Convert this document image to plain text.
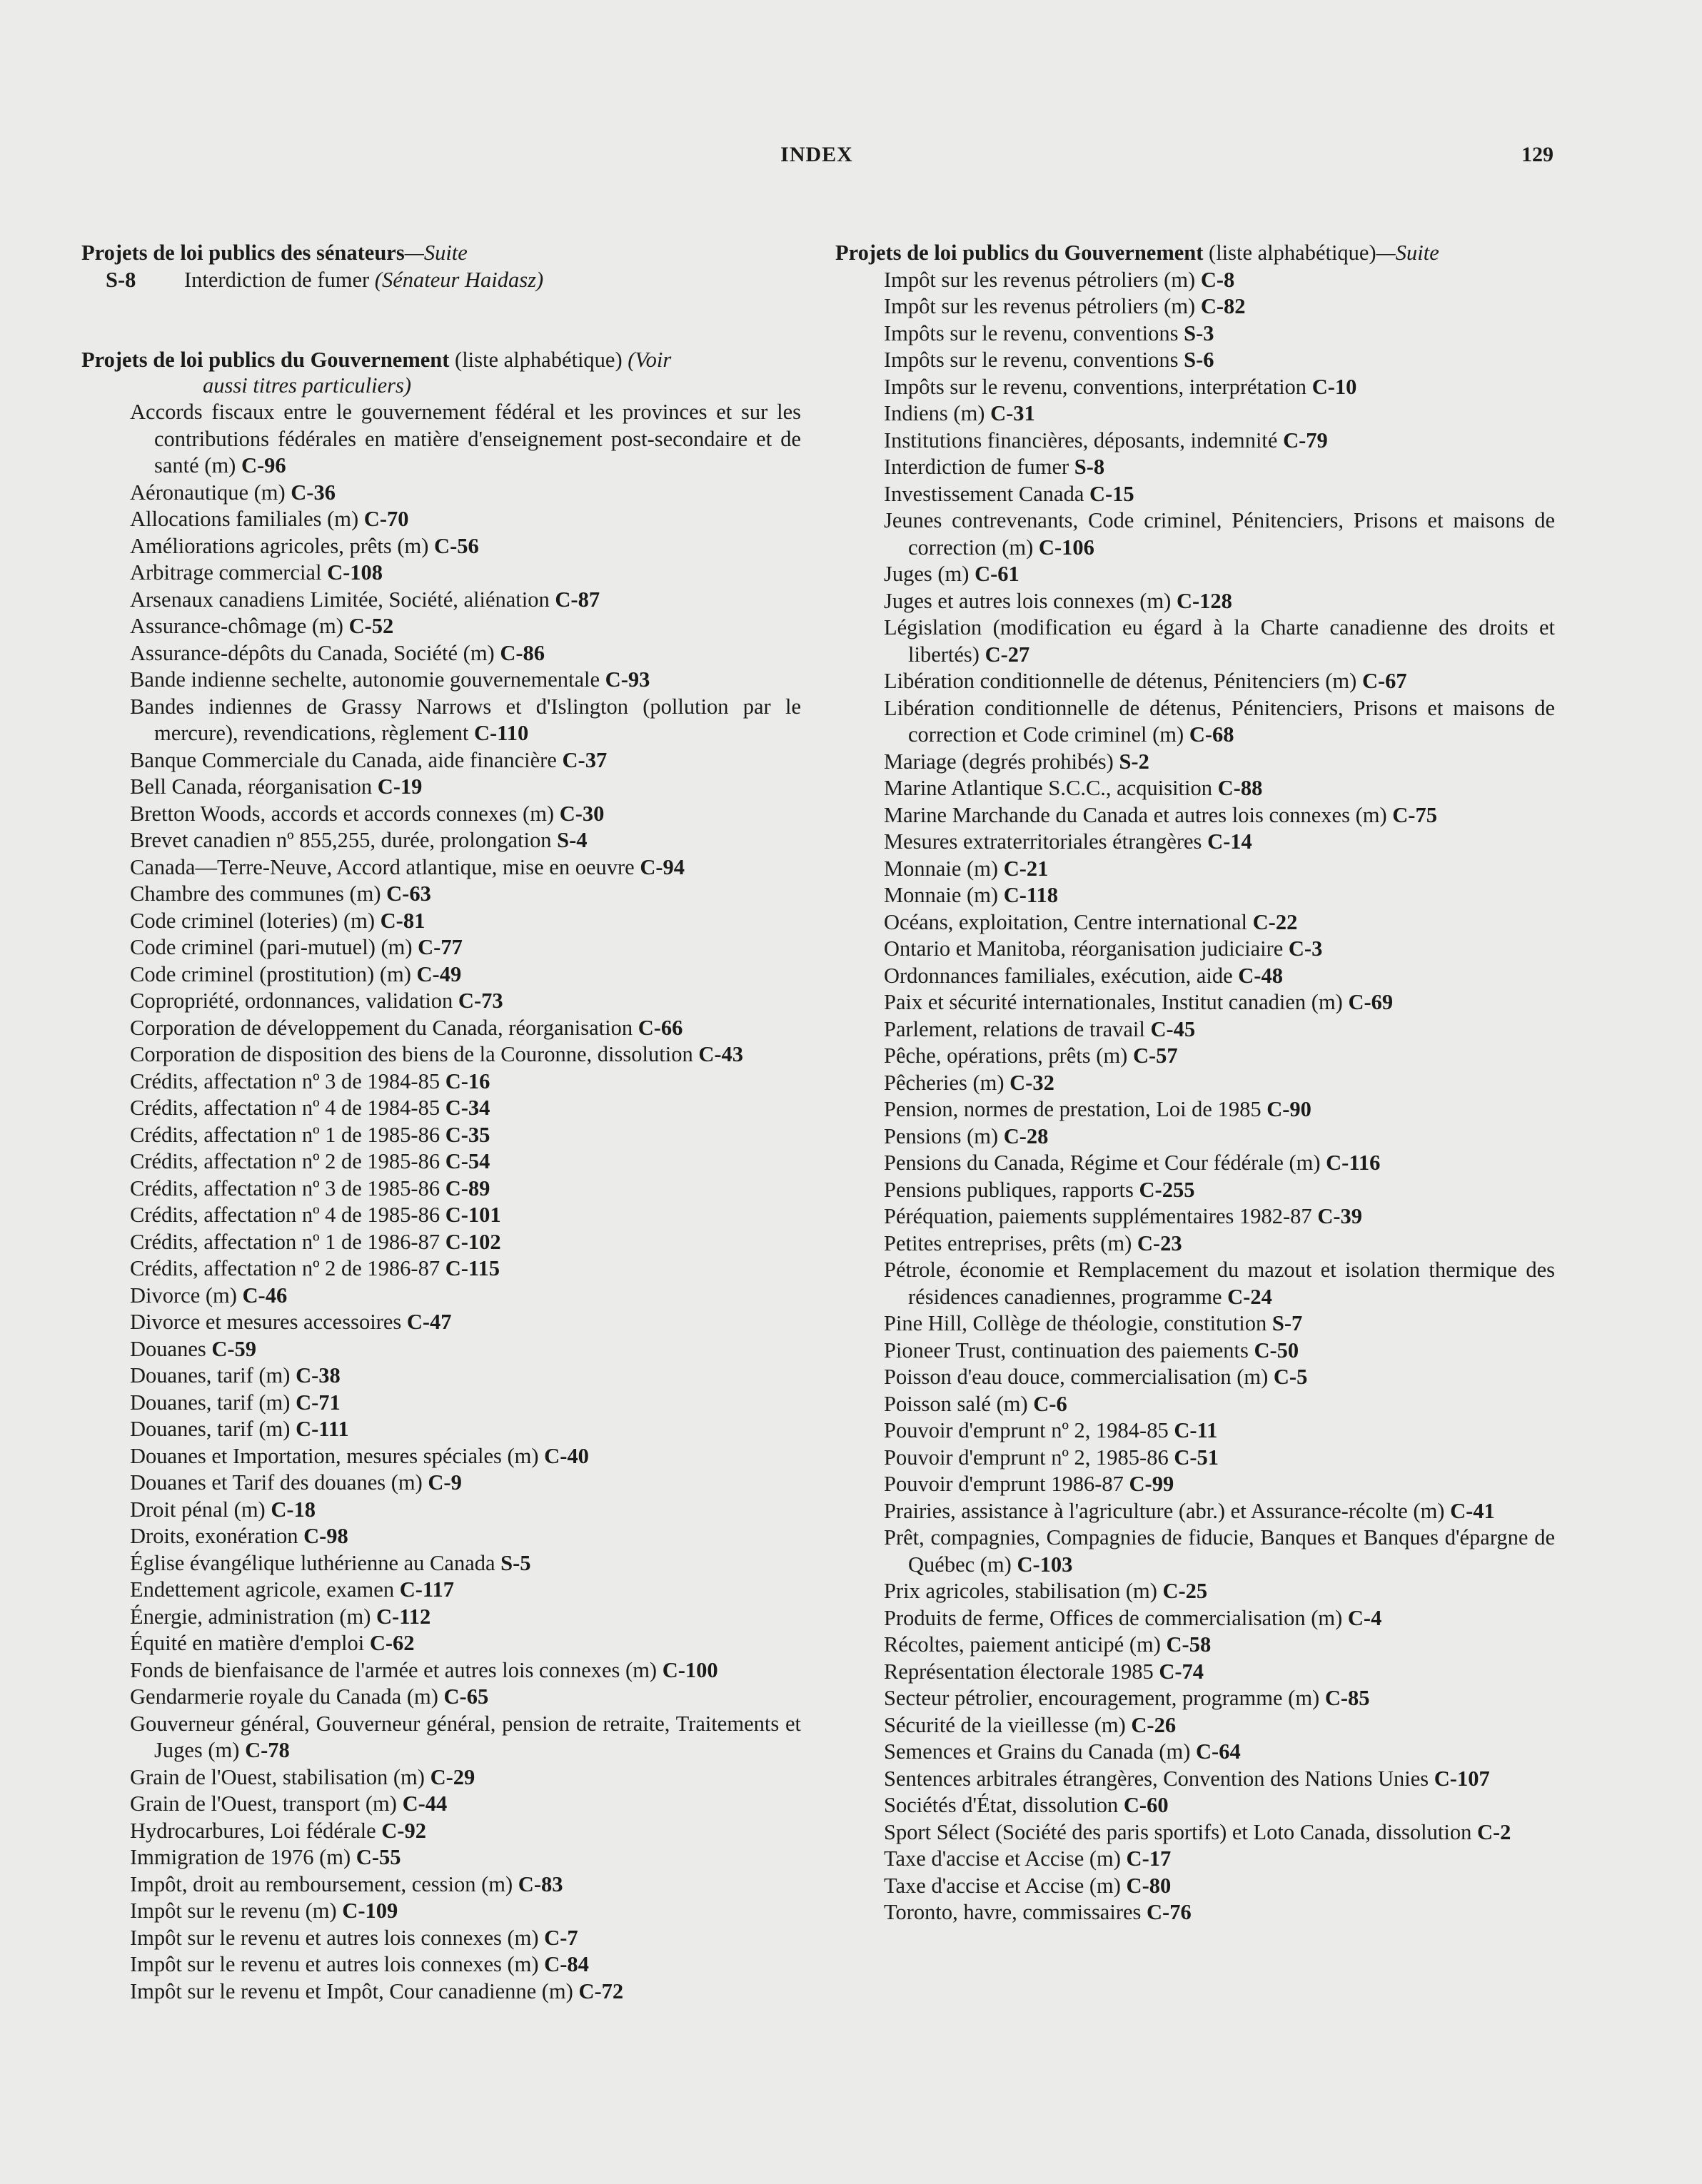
INDEX	129
Projets de loi publics des sénateurs—Suite
S-8 Interdiction de fumer (Sénateur Haidasz)
Projets de loi publics du Gouvernement (liste alphabétique) (Voir
aussi titres particuliers)
Accords fiscaux entre le gouvernement fédéral et les provinces et sur les contributions fédérales en matière d'enseignement post-secondaire et de santé (m) C-96
Aéronautique (m) C-36
Allocations familiales (m) C-70
Améliorations agricoles, prêts (m) C-56
Arbitrage commercial C-108
Arsenaux canadiens Limitée, Société, aliénation C-87
Assurance-chômage (m) C-52
Assurance-dépôts du Canada, Société (m) C-86
Bande indienne sechelte, autonomie gouvernementale C-93
Bandes indiennes de Grassy Narrows et d'Islington (pollution par le mercure), revendications, règlement C-110
Banque Commerciale du Canada, aide financière C-37
Bell Canada, réorganisation C-19
Bretton Woods, accords et accords connexes (m) C-30
Brevet canadien nº 855,255, durée, prolongation S-4
Canada—Terre-Neuve, Accord atlantique, mise en oeuvre C-94
Chambre des communes (m) C-63
Code criminel (loteries) (m) C-81
Code criminel (pari-mutuel) (m) C-77
Code criminel (prostitution) (m) C-49
Copropriété, ordonnances, validation C-73
Corporation de développement du Canada, réorganisation C-66
Corporation de disposition des biens de la Couronne, dissolution C-43
Crédits, affectation nº 3 de 1984-85 C-16
Crédits, affectation nº 4 de 1984-85 C-34
Crédits, affectation nº 1 de 1985-86 C-35
Crédits, affectation nº 2 de 1985-86 C-54
Crédits, affectation nº 3 de 1985-86 C-89
Crédits, affectation nº 4 de 1985-86 C-101
Crédits, affectation nº 1 de 1986-87 C-102
Crédits, affectation nº 2 de 1986-87 C-115
Divorce (m) C-46
Divorce et mesures accessoires C-47
Douanes C-59
Douanes, tarif (m) C-38
Douanes, tarif (m) C-71
Douanes, tarif (m) C-111
Douanes et Importation, mesures spéciales (m) C-40
Douanes et Tarif des douanes (m) C-9
Droit pénal (m) C-18
Droits, exonération C-98
Église évangélique luthérienne au Canada S-5
Endettement agricole, examen C-117
Énergie, administration (m) C-112
Équité en matière d'emploi C-62
Fonds de bienfaisance de l'armée et autres lois connexes (m) C-100
Gendarmerie royale du Canada (m) C-65
Gouverneur général, Gouverneur général, pension de retraite, Traitements et Juges (m) C-78
Grain de l'Ouest, stabilisation (m) C-29
Grain de l'Ouest, transport (m) C-44
Hydrocarbures, Loi fédérale C-92
Immigration de 1976 (m) C-55
Impôt, droit au remboursement, cession (m) C-83
Impôt sur le revenu (m) C-109
Impôt sur le revenu et autres lois connexes (m) C-7
Impôt sur le revenu et autres lois connexes (m) C-84
Impôt sur le revenu et Impôt, Cour canadienne (m) C-72
Projets de loi publics du Gouvernement (liste alphabétique)—Suite
Impôt sur les revenus pétroliers (m) C-8
Impôt sur les revenus pétroliers (m) C-82
Impôts sur le revenu, conventions S-3
Impôts sur le revenu, conventions S-6
Impôts sur le revenu, conventions, interprétation C-10
Indiens (m) C-31
Institutions financières, déposants, indemnité C-79
Interdiction de fumer S-8
Investissement Canada C-15
Jeunes contrevenants, Code criminel, Pénitenciers, Prisons et maisons de correction (m) C-106
Juges (m) C-61
Juges et autres lois connexes (m) C-128
Législation (modification eu égard à la Charte canadienne des droits et libertés) C-27
Libération conditionnelle de détenus, Pénitenciers (m) C-67
Libération conditionnelle de détenus, Pénitenciers, Prisons et maisons de correction et Code criminel (m) C-68
Mariage (degrés prohibés) S-2
Marine Atlantique S.C.C., acquisition C-88
Marine Marchande du Canada et autres lois connexes (m) C-75
Mesures extraterritoriales étrangères C-14
Monnaie (m) C-21
Monnaie (m) C-118
Océans, exploitation, Centre international C-22
Ontario et Manitoba, réorganisation judiciaire C-3
Ordonnances familiales, exécution, aide C-48
Paix et sécurité internationales, Institut canadien (m) C-69
Parlement, relations de travail C-45
Pêche, opérations, prêts (m) C-57
Pêcheries (m) C-32
Pension, normes de prestation, Loi de 1985 C-90
Pensions (m) C-28
Pensions du Canada, Régime et Cour fédérale (m) C-116
Pensions publiques, rapports C-255
Péréquation, paiements supplémentaires 1982-87 C-39
Petites entreprises, prêts (m) C-23
Pétrole, économie et Remplacement du mazout et isolation thermique des résidences canadiennes, programme C-24
Pine Hill, Collège de théologie, constitution S-7
Pioneer Trust, continuation des paiements C-50
Poisson d'eau douce, commercialisation (m) C-5
Poisson salé (m) C-6
Pouvoir d'emprunt nº 2, 1984-85 C-11
Pouvoir d'emprunt nº 2, 1985-86 C-51
Pouvoir d'emprunt 1986-87 C-99
Prairies, assistance à l'agriculture (abr.) et Assurance-récolte (m) C-41
Prêt, compagnies, Compagnies de fiducie, Banques et Banques d'épargne de Québec (m) C-103
Prix agricoles, stabilisation (m) C-25
Produits de ferme, Offices de commercialisation (m) C-4
Récoltes, paiement anticipé (m) C-58
Représentation électorale 1985 C-74
Secteur pétrolier, encouragement, programme (m) C-85
Sécurité de la vieillesse (m) C-26
Semences et Grains du Canada (m) C-64
Sentences arbitrales étrangères, Convention des Nations Unies C-107
Sociétés d'État, dissolution C-60
Sport Sélect (Société des paris sportifs) et Loto Canada, dissolution C-2
Taxe d'accise et Accise (m) C-17
Taxe d'accise et Accise (m) C-80
Toronto, havre, commissaires C-76
